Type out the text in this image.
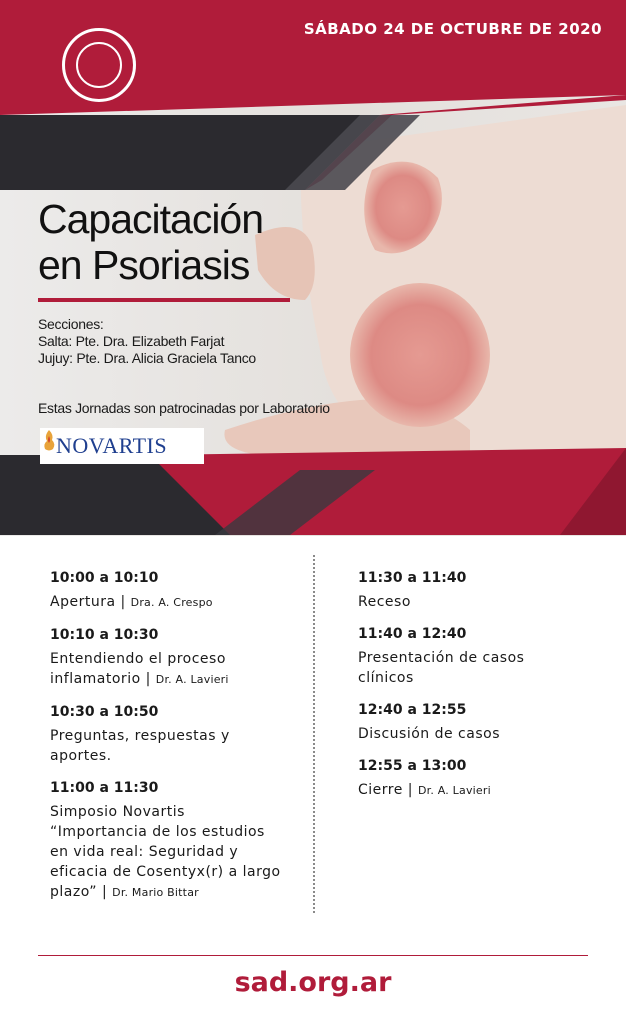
SÁBADO 24 DE OCTUBRE DE 2020
Capacitación
en Psoriasis
Secciones:
Salta: Pte. Dra. Elizabeth Farjat
Jujuy: Pte. Dra. Alicia Graciela Tanco
Estas Jornadas son patrocinadas por Laboratorio
NOVARTIS
10:00 a 10:10
Apertura | Dra. A. Crespo
10:10 a 10:30
Entendiendo el proceso
inflamatorio | Dr. A. Lavieri
10:30 a 10:50
Preguntas, respuestas y
aportes.
11:00 a 11:30
Simposio Novartis
“Importancia de los estudios
en vida real: Seguridad y
eficacia de Cosentyx(r) a largo
plazo” | Dr. Mario Bittar
11:30 a 11:40
Receso
11:40 a 12:40
Presentación de casos
clínicos
12:40 a 12:55
Discusión de casos
12:55 a 13:00
Cierre | Dr. A. Lavieri
sad.org.ar
